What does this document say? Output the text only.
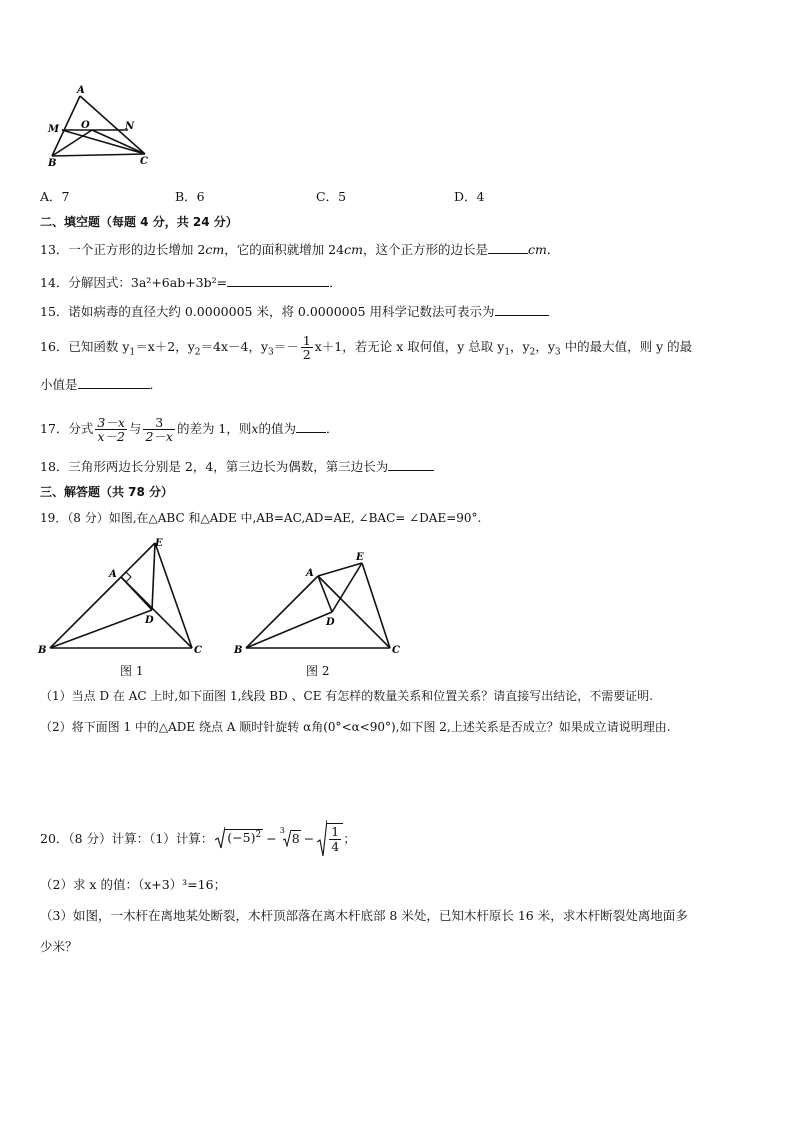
A
M O	N
B	C
A．7	B．6	C．5	D．4
二、填空题（每题 4 分，共 24 分）
13．一个正方形的边长增加 2cm，它的面积就增加 24cm，这个正方形的边长是	cm．
14．分解因式：3a²+6ab+3b²=	．
15．诺如病毒的直径大约 0.0000005 米，将 0.0000005 用科学记数法可表示为
16．已知函数 $y_1=x+2$，$y_2=4x-4$，$y_3=- \frac{1}{2} x+1$，若无论 x 取何值，y 总取 $y_1$，$y_2$，$y_3$ 中的最大值，则 y 的最
小值是	．
17．分式 $\frac{3-x}{x-2}$ 与 $\frac{3}{2-x}$ 的差为 1，则x的值为 ．
18．三角形两边长分别是 2，4，第三边长为偶数，第三边长为
三、解答题（共 78 分）
19．（8 分）如图,在△ABC 和△ADE 中,AB=AC,AD=AE, ∠BAC= ∠DAE=90°.
E
A
D
B	C
E
A
D
B	C
图 1	图 2
（1）当点 D 在 AC 上时,如下面图 1,线段 BD 、CE 有怎样的数量关系和位置关系？请直接写出结论，不需要证明.
（2）将下面图 1 中的△ADE 绕点 A 顺时针旋转 α角(0°<α<90°),如下图 2,上述关系是否成立？如果成立请说明理由.
20．（8 分）计算：（1）计算： $(-5)^2 - ^3$
$8 - \frac{1}{4}$ ；
（2）求 x 的值：（x+3）³=16；
（3）如图，一木杆在离地某处断裂，木杆顶部落在离木杆底部 8 米处，已知木杆原长 16 米，求木杆断裂处离地面多
少米？
